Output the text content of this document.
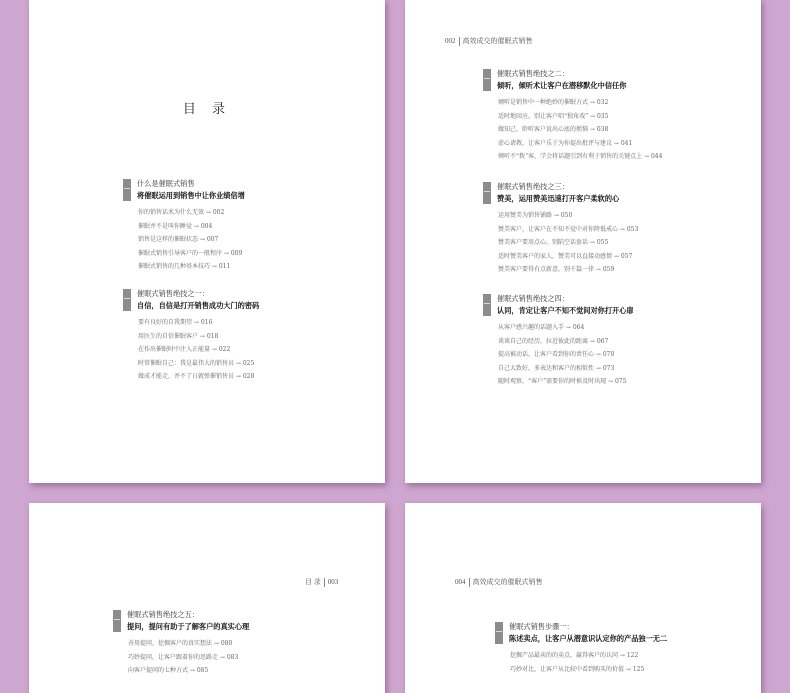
目 录
什么是催眠式销售
将催眠运用到销售中让你业绩倍增
你的销售话术为什么无效 → 002
催眠并不是叫你睡觉 → 004
销售是这样的催眠状态 → 007
催眠式销售引导客户的一般程序 → 009
催眠式销售的几种基本技巧 → 011
催眠式销售绝技之一：
自信，自信是打开销售成功大门的密码
要有良好的自我期望 → 016
用医生的自信催眠客户 → 018
在作出催眠时中注入正能量 → 022
时常催眠自己：我是最伟大的销售员 → 025
做成才能走，并不了日就弹催销售员 → 028
002 高效成交的催眠式销售
催眠式销售绝技之二：
倾听，倾听术让客户在潜移默化中信任你
倾听是销售中一种绝妙的催眠方式 → 032
适时地回应，别让客户唱“独角戏” → 035
做知己，聆听客户说出心底的烦恼 → 038
虚心请教，让客户乐于为你提出批评与建议 → 041
倾听不“拨”客，学会将话题引到有利于销售的关键点上 → 044
催眠式销售绝技之三：
赞美，运用赞美迅速打开客户柔软的心
运用赞美为销售铺路 → 050
赞美客户，让客户在不知不觉中对你降低戒心 → 053
赞美客户要用点心，别陷空话套话 → 055
适时赞美客户的家人，赞美可以直接动感情 → 057
赞美客户要得有点新意，别千篇一律 → 059
催眠式销售绝技之四：
认同，肯定让客户不知不觉间对你打开心扉
从客户感兴趣的话题入手 → 064
谈谈自己的经历，拉近彼此的距离 → 067
提高被动话，让客户看到你的责任心 → 070
自己大致好，多表达和客户的相似性 → 073
随时观察，“客户”需要你的时候及时出现 → 075
目 录 003
催眠式销售绝技之五：
提问，提问有助于了解客户的真实心理
善用提问，挖掘客户的真实想法 → 080
巧妙提问，让客户跟着你的思路走 → 083
向客户提问的七种方式 → 085
004 高效成交的催眠式销售
催眠式销售步骤一：
陈述卖点，让客户从潜意识认定你的产品独一无二
挖掘产品最卖的的卖点，赢得客户的认同 → 122
巧妙对比，让客户从比较中看到购买的价值 → 125
